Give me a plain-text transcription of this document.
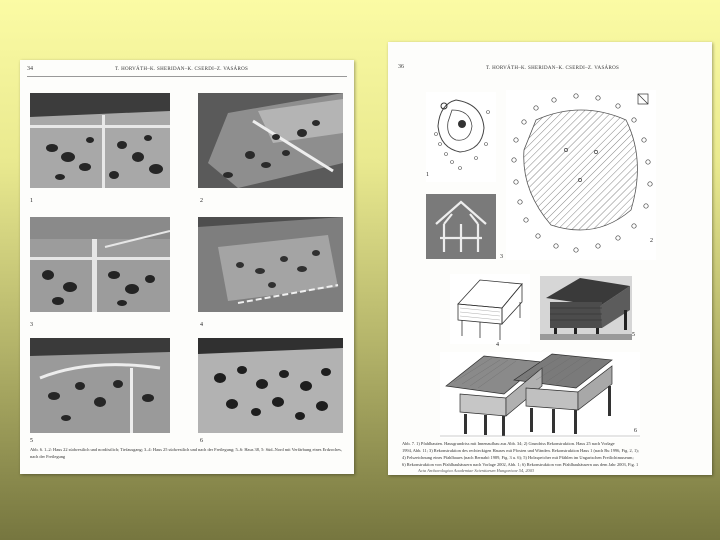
34	T. HORVÁTH–K. SHERIDAN–K. CSERDI–Z. VASÁROS
1	2
3	4
5	6
Abb. 6. 1–2: Haus 22 südwestlich und nordöstlich; Tiefausgang; 3–4: Haus 25 südwestlich und nach der Freilegung; 5–6: Haus 38, 5: Süd–Nord mit Verfärbung eines Erdzoches, nach der Freilegung
36	T. HORVÁTH–K. SHERIDAN–K. CSERDI–Z. VASÁROS
1
2
3
4
5
6
Abb. 7. 1) Pfahlbauten. Hausgrundriss mit Innenaufbau aus Abb. 34; 2) Grundriss Rekonstruktion. Haus 25 nach Vorlage
1994, Abb. 11; 3) Rekonstruktion des rechteckigen Hauses mit Pfosten und Wänden. Rekonstruktion Haus 1 (nach Bu 1996, Fig. 2, 1);
4) Felszeichnung eines Pfahlbaues (nach Bernabò 1989, Fig. 3 u. 6); 5) Holzspeicher mit Pfählen im Ungarischen Freilichtmuseum;
6) Rekonstruktion von Pfahlbauhäusern nach Vorlage 2002, Abb. 1; 6) Rekonstruktion von Pfahlbauhäusern aus dem Jahr 2003, Fig. 1
Acta Archaeologica Academiae Scientiarum Hungaricae 54, 2003
